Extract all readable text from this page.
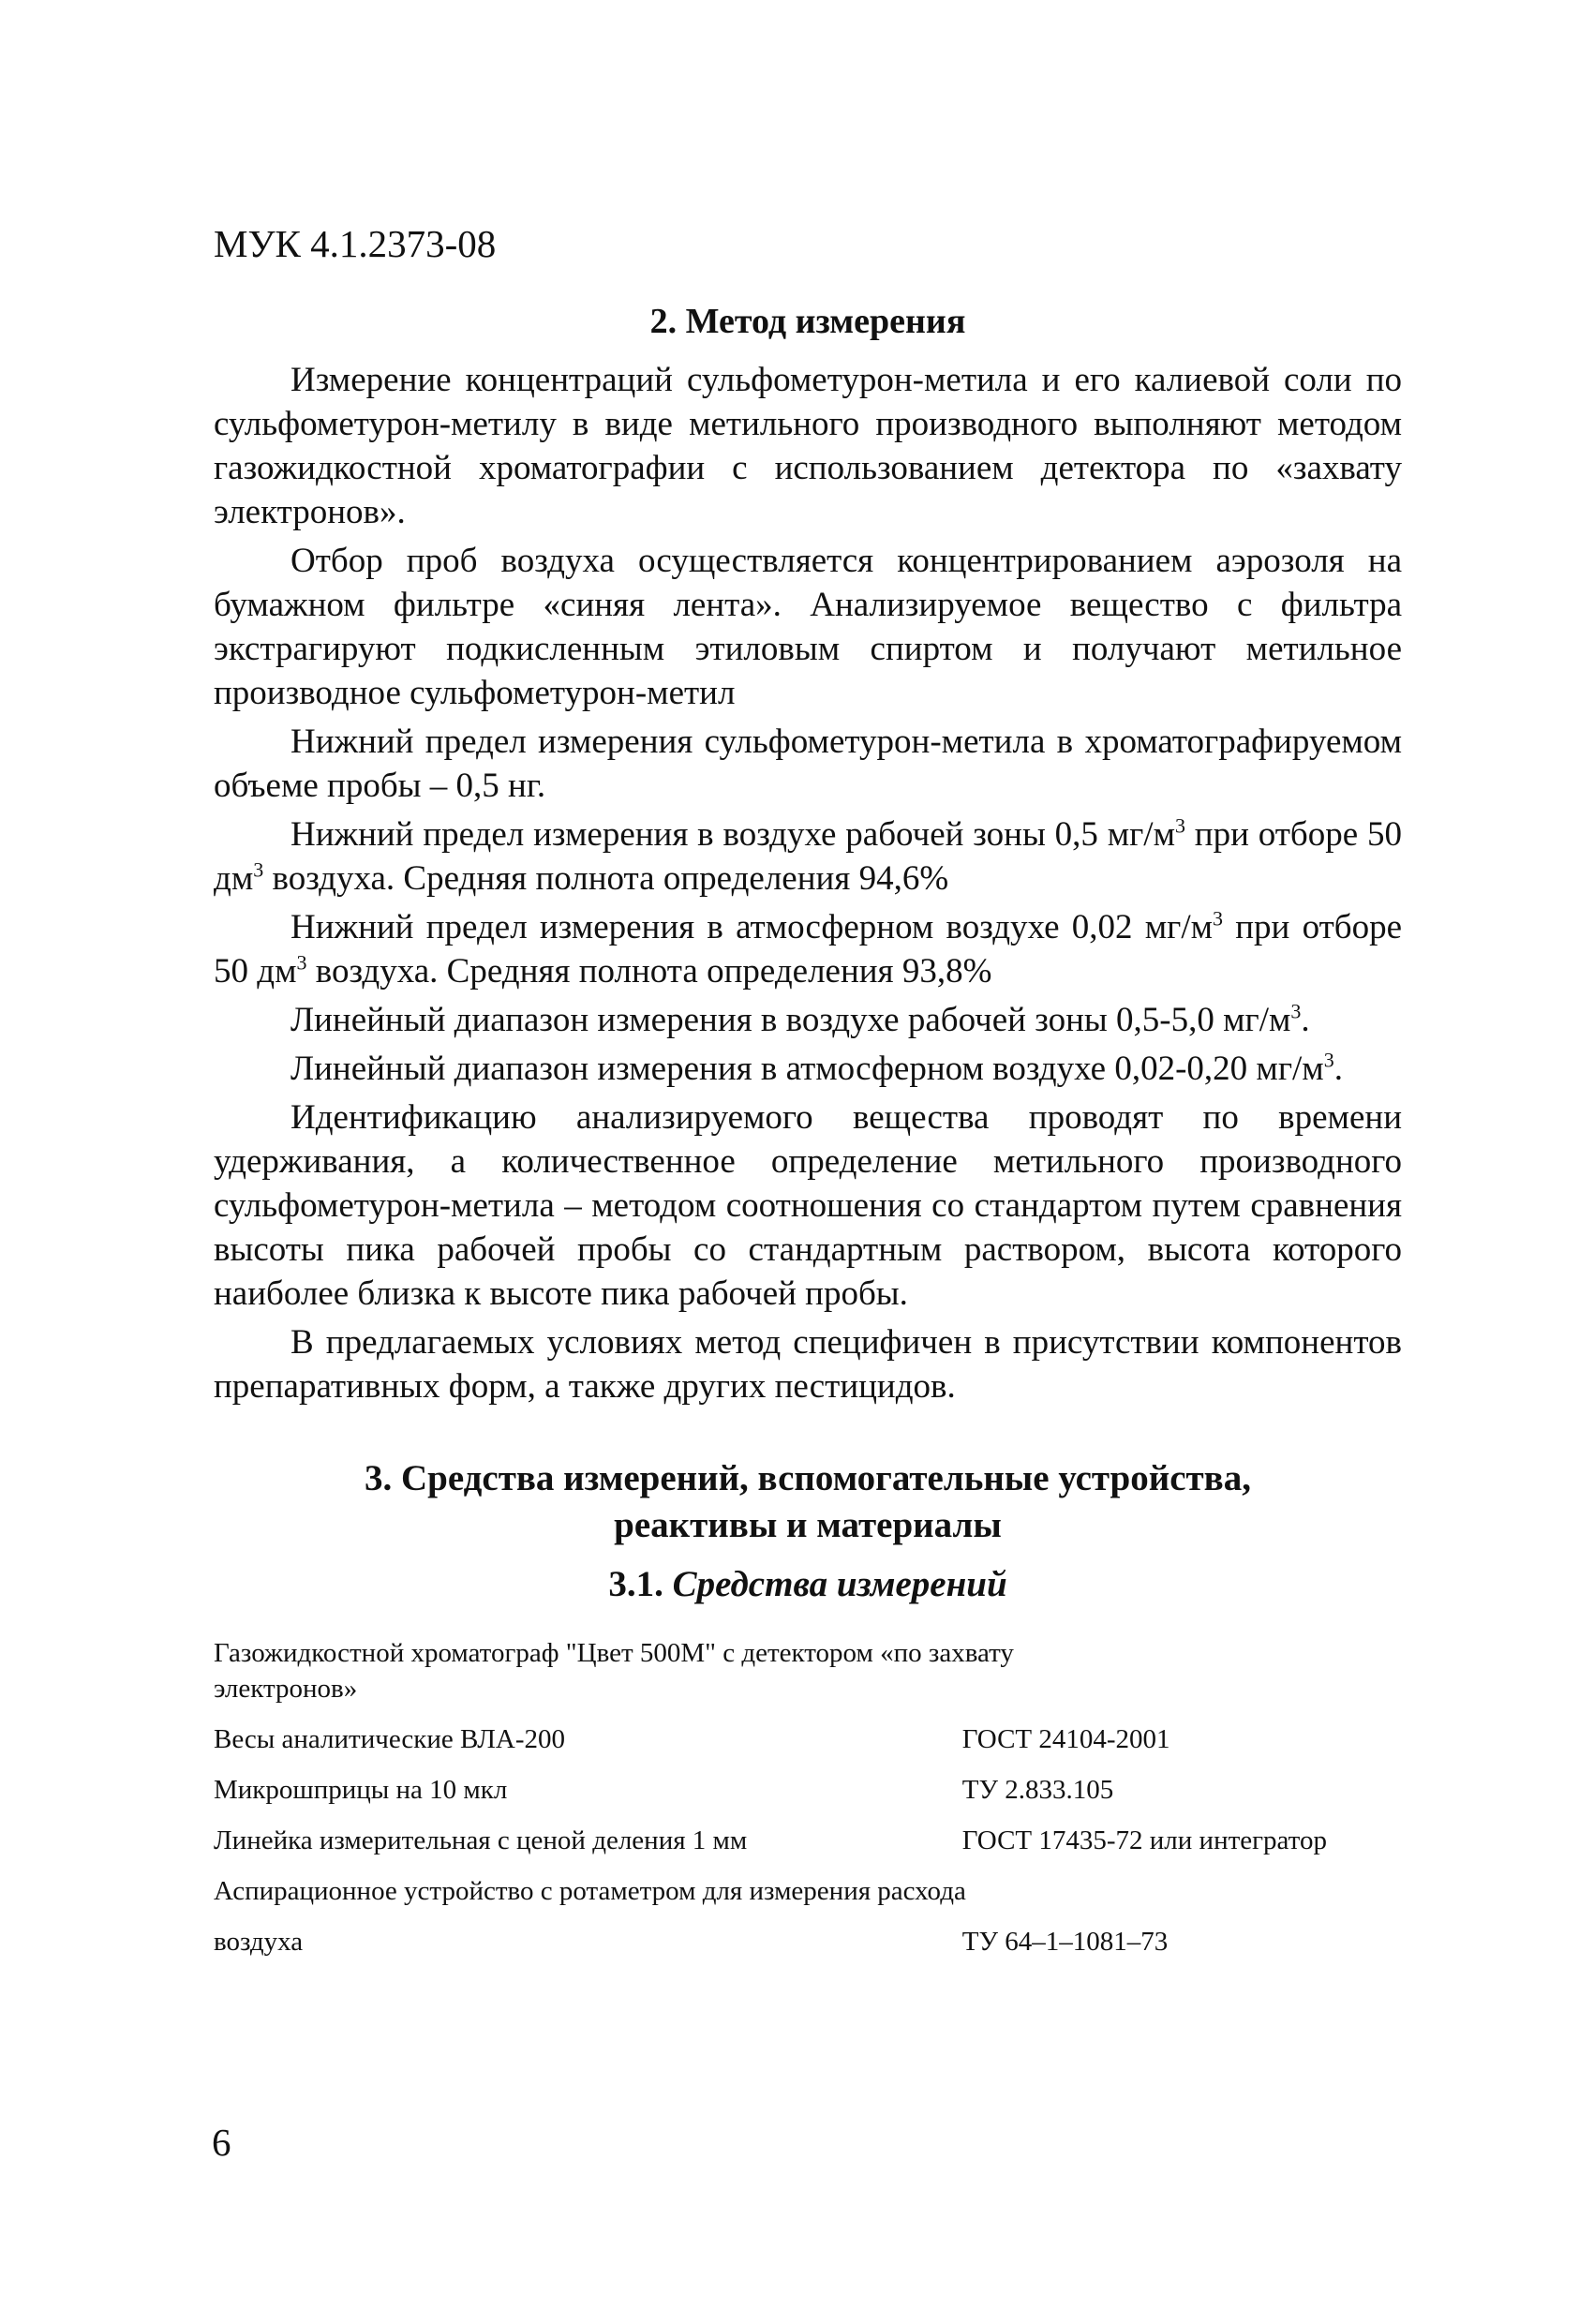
МУК 4.1.2373-08
2. Метод измерения

Измерение концентраций сульфометурон-метила и его калиевой соли по сульфометурон-метилу в виде метильного производного выполняют методом газожидкостной хроматографии с использованием детектора по «захвату электронов».

Отбор проб воздуха осуществляется концентрированием аэрозоля на бумажном фильтре «синяя лента». Анализируемое вещество с фильтра экстрагируют подкисленным этиловым спиртом и получают метильное производное сульфометурон-метил

Нижний предел измерения сульфометурон-метила в хроматографируемом объеме пробы – 0,5 нг.

Нижний предел измерения в воздухе рабочей зоны 0,5 $мг/м^3$ при отборе 50 $дм^3$ воздуха. Средняя полнота определения 94,6%

Нижний предел измерения в атмосферном воздухе 0,02 $мг/м^3$ при отборе 50 $дм^3$ воздуха. Средняя полнота определения 93,8%

Линейный диапазон измерения в воздухе рабочей зоны 0,5-5,0 $мг/м^3$.

Линейный диапазон измерения в атмосферном воздухе 0,02-0,20 $мг/м^3$.

Идентификацию анализируемого вещества проводят по времени удерживания, а количественное определение метильного производного сульфометурон-метила – методом соотношения со стандартом путем сравнения высоты пика рабочей пробы со стандартным раствором, высота которого наиболее близка к высоте пика рабочей пробы.

В предлагаемых условиях метод специфичен в присутствии компонентов препаративных форм, а также других пестицидов.

3. Средства измерений, вспомогательные устройства,
реактивы и материалы
3.1. Средства измерений
Газожидкостной хроматограф "Цвет 500М" с детектором «по захвату электронов»
Весы аналитические ВЛА-200	ГОСТ 24104-2001
Микрошприцы на 10 мкл	ТУ 2.833.105
Линейка измерительная с ценой деления 1 мм	ГОСТ 17435-72 или интегратор
Аспирационное устройство с ротаметром для измерения расхода
воздуха	ТУ 64–1–1081–73
6
